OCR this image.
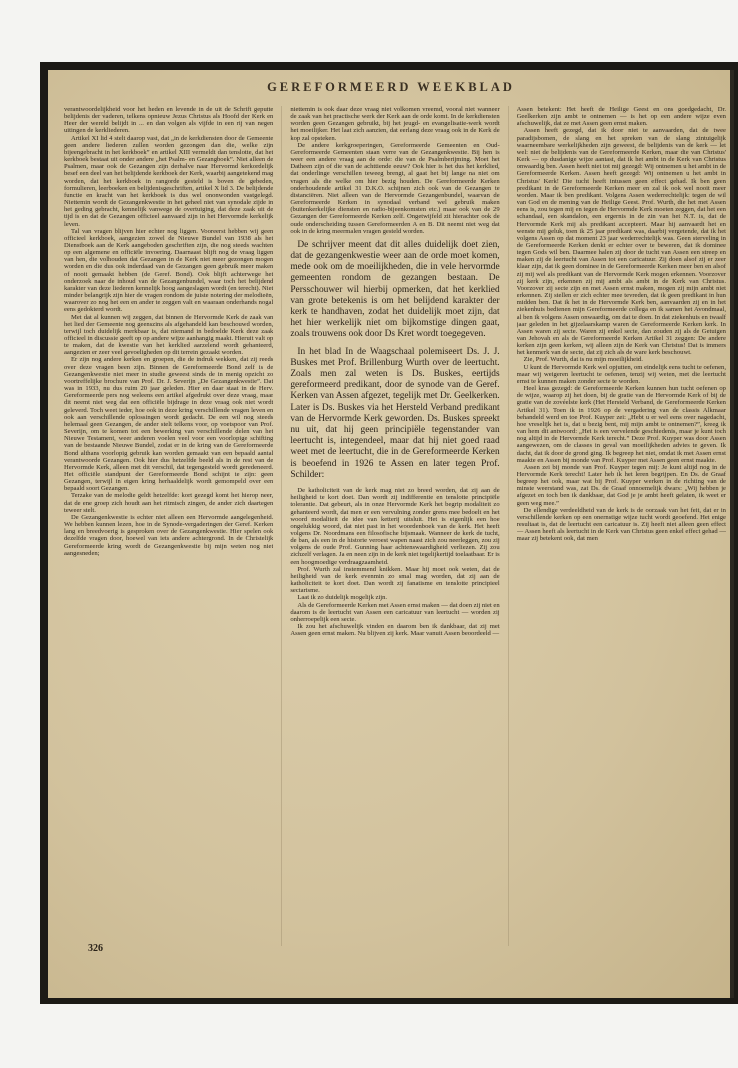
GEREFORMEERD WEEKBLAD

verantwoordelijkheid voor het heden en levende in de uit de Schrift geputte belijdenis der vaderen, telkens opnieuw Jezus Christus als Hoofd der Kerk en Heer der wereld belijdt in ... en dan volgen als vijfde in een rij van negen uitingen de kerkliederen.

Artikel XI lid 4 stelt daarop vast, dat „in de kerkdiensten door de Gemeente geen andere liederen zullen worden gezongen dan die, welke zijn bijeengebracht in het kerkboek” en artikel XIII vermeldt dan tenslotte, dat het kerkboek bestaat uit onder andere „het Psalm- en Gezangboek”. Niet alleen de Psalmen, maar ook de Gezangen zijn derhalve naar Hervormd kerkordelijk besef een deel van het belijdende kerkboek der Kerk, waarbij aangetekend mag worden, dat het kerkboek in rangorde gesteld is boven de gebeden, formulieren, leerboeken en belijdenisgeschriften, artikel X lid 3. De belijdende functie en kracht van het kerkboek is dus wel ononwonden vastgelegd. Niettemin wordt de Gezangenkwestie in het geheel niet van synodale zijde in het geding gebracht, kennelijk vanwege de overtuiging, dat deze zaak uit de tijd is en dat de Gezangen officieel aanvaard zijn in het Hervormde kerkelijk leven.

Tal van vragen blijven hier echter nog liggen. Vooreerst hebben wij geen officieel kerkboek, aangezien zowel de Nieuwe Bundel van 1938 als het Dienstboek aan de Kerk aangeboden geschriften zijn, die nog steeds wachten op een algemene en officiële invoering. Daarnaast blijft nog de vraag liggen van hen, die volhouden dat Gezangen in de Kerk niet meer gezongen mogen worden en die dus ook inderdaad van de Gezangen geen gebruik meer maken of nooit gemaakt hebben (de Geref. Bond). Ook blijft achterwege het onderzoek naar de inhoud van de Gezangenbundel, waar toch het belijdend karakter van deze liederen kennelijk hoog aangeslagen wordt (en terecht). Niet minder belangrijk zijn hier de vragen rondom de juiste notering der melodieën, waarover zo nog het een en ander te zeggen valt en waaraan onderhands nogal eens gedokterd wordt.

Met dat al kunnen wij zeggen, dat binnen de Hervormde Kerk de zaak van het lied der Gemeente nog geenszins als afgehandeld kan beschouwd worden, terwijl toch duidelijk merkbaar is, dat niemand in bedoelde Kerk deze zaak officieel in discussie geeft op op andere wijze aanhangig maakt. Hieruit valt op te maken, dat de kwestie van het kerklied aarzelend wordt gehanteerd, aangezien er zeer veel gevoeligheden op dit terrein gezaakt worden.

Er zijn nog andere kerken en groepen, die de indruk wekken, dat zij reeds over deze vragen been zijn. Binnen de Gereformeerde Bond zelf is de Gezangenkwestie niet meer in studie geweest sinds de in menig opzicht zo voortreffelijke brochure van Prof. Dr. J. Severijn „De Gezangenkwestie”. Dat was in 1933, nu dus ruim 20 jaar geleden. Hier en daar staat in de Herv. Gereformeerde pers nog weleens een artikel afgedrukt over deze vraag, maar dit neemt niet weg dat een officiële bijdrage in deze vraag ook niet wordt geleverd. Toch weet ieder, hoe ook in deze kring verschillende vragen leven en ook aan verschillende oplossingen wordt gedacht. De een wil nog steeds helemaal geen Gezangen, de ander stelt telkens voor, op voetspoor van Prof. Severijn, om te komen tot een bewerking van verschillende delen van het Nieuwe Testament, weer anderen voelen veel voor een voorlopige schifting van de bestaande Nieuwe Bundel, zodat er in de kring van de Gereformeerde Bond althans voorlopig gebruik kan worden gemaakt van een bepaald aantal verantwoorde Gezangen. Ook hier dus hetzelfde beeld als in de rest van de Hervormde Kerk, alleen met dit verschil, dat tegengesteld wordt geredeneerd. Het officiële standpunt der Gereformeerde Bond schijnt te zijn: geen Gezangen, terwijl in eigen kring herhaaldelijk wordt gemompeld over een bepaald soort Gezangen.

Terzake van de melodie geldt hetzelfde: kort gezegd komt het hierop neer, dat de ene groep zich houdt aan het ritmisch zingen, de ander zich daartegen teweer stelt.

De Gezangenkwestie is echter niet alleen een Hervormde aangelegenheid. We hebben kunnen lezen, hoe in de Synode-vergaderingen der Geref. Kerken lang en breedvoerig is gesproken over de Gezangenkwestie. Hier spelen ook dezelfde vragen door, hoewel van iets andere achtergrond. In de Christelijk Gereformeerde kring wordt de Gezangenkwestie bij mijn weten nog niet aangesneden;

niettemin is ook daar deze vraag niet volkomen vreemd, vooral niet wanneer de zaak van het practische werk der Kerk aan de orde komt. In de kerkdiensten worden geen Gezangen gebruikt, bij het jeugd- en evangelisatie-werk wordt het moeilijker. Het laat zich aanzien, dat eerlang deze vraag ook in de Kerk de kop zal opsteken.

De andere kerkgroeperingen, Gereformeerde Gemeenten en Oud-Gereformeerde Gemeenten staan verre van de Gezangenkwestie. Bij hen is weer een andere vraag aan de orde: die van de Psalmberijming. Moet het Datheen zijn of die van de achttiende eeuw? Ook hier is het dus het kerklied, dat onderlinge verschillen teweeg brengt, al gaat het bij lange na niet om vragen als die welke om hier bezig houden. De Gereformeerde Kerken onderhoudende artikel 31 D.K.O. schijnen zich ook van de Gezangen te distanciëren. Niet alleen van de Hervormde Gezangenbundel, waarvan de Gereformeerde Kerken in synodaal verband wel gebruik maken (buitenkerkelijke diensten en radio-bijeenkomsten etc.) maar ook van de 29 Gezangen der Gereformeerde Kerken zelf. Ongetwijfeld zit hierachter ook de oude onderscheiding tussen Gereformeerden A en B. Dit neemt niet weg dat ook in de kring meermalen vragen gesteld worden.

De schrijver meent dat dit alles duidelijk doet zien, dat de gezangenkwestie weer aan de orde moet komen, mede ook om de moeilijkheden, die in vele hervormde gemeenten rondom de gezangen bestaan. De Persschouwer wil hierbij opmerken, dat het kerklied van grote betekenis is om het belijdend karakter der kerk te handhaven, zodat het duidelijk moet zijn, dat het hier werkelijk niet om bijkomstige dingen gaat, zoals trouwens ook door Ds Kret wordt toegegeven.

In het blad In de Waagschaal polemiseert Ds. J. J. Buskes met Prof. Brillenburg Wurth over de leertucht. Zoals men zal weten is Ds. Buskes, eertijds gereformeerd predikant, door de synode van de Geref. Kerken van Assen afgezet, tegelijk met Dr. Geelkerken. Later is Ds. Buskes via het Hersteld Verband predikant van de Hervormde Kerk geworden. Ds. Buskes spreekt nu uit, dat hij geen principiële tegenstander van leertucht is, integendeel, maar dat hij niet goed raad weet met de leertucht, die in de Gereformeerde Kerken is beoefend in 1926 te Assen en later tegen Prof. Schilder:

De katholiciteit van de kerk mag niet zo breed worden, dat zij aan de heiligheid te kort doet. Dan wordt zij indifferentie en tenslotte principiële tolerantie. Dat gebeurt, als in onze Hervormde Kerk het begrip modaliteit zo gehanteerd wordt, dat men er een vervulning zonder grens mee bedoelt en het woord modaliteit de idee van ketterij uitsluit. Het is eigenlijk een hoe ongelukkig woord, dat niet past in het woordenboek van de kerk. Het heeft volgens Dr. Noordmans een filosofische bijsmaak. Wanneer de kerk de tucht, de ban, als een in de historie veroest wapen naast zich zou neerleggen, zou zij volgens de oude Prof. Gunning haar achtenswaardigheid verliezen. Zij zou zichzelf verlagen. Ja en neen zijn in de kerk niet tegelijkertijd toelaatbaar. Er is een hoogmoedige verdraagzaamheid.

Prof. Wurth zal instemmend knikken. Maar hij moet ook weten, dat de heiligheid van de kerk evenmin zo smal mag worden, dat zij aan de katholiciteit te kort doet. Dan wordt zij fanatisme en tenslotte principieel sectarisme.

Laat ik zo duidelijk mogelijk zijn.

Als de Gereformeerde Kerken met Assen ernst maken — dat doen zij niet en daarom is de leertucht van Assen een caricatuur van leertucht — worden zij onherroepelijk een secte.

Ik zou het afschuwelijk vinden en daarom ben ik dankbaar, dat zij met Assen geen ernst maken. Nu blijven zij kerk. Maar vanuit Assen beoordeeld —

Assen betekent: Het heeft de Heilige Geest en ons goedgedacht, Dr. Geelkerken zijn ambt te ontnemen — is het op een andere wijze even afschuwelijk, dat ze met Assen geen ernst maken.

Assen heeft gezegd, dat ik door niet te aanvaarden, dat de twee paradijsbomen, de slang en het spreken van de slang zintuigelijk waarneembare werkelijkheden zijn geweest, de belijdenis van de kerk — let wel: niet de belijdenis van de Gereformeerde Kerken, maar die van Christus' Kerk — op dusdanige wijze aantast, dat ik het ambt in de Kerk van Christus onwaardig ben. Assen heeft niet tot mij gezegd: Wij ontnemen u het ambt in de Gereformeerde Kerken. Assen heeft gezegd: Wij ontnemen u het ambt in Christus' Kerk! Die tucht heeft intussen geen effect gehad. Ik ben geen predikant in de Gereformeerde Kerken meer en zal ik ook wel nooit meer worden. Maar ik ben predikant. Volgens Assen wederrechtelijk: tegen de wil van God en de mening van de Heilige Geest. Prof. Wurth, die het met Assen eens is, zou tegen mij en tegen de Hervormde Kerk moeten zeggen, dat het een schandaal, een skandalon, een ergernis in de zin van het N.T. is, dat de Hervormde Kerk mij als predikant accepteert. Maar hij aanvaardt het en wenste mij geluk, toen ik 25 jaar predikant was, daarbij vergetende, dat ik het volgens Assen op dat moment 23 jaar wederrechtelijk was. Geen sterveling in de Gereformeerde Kerken denkt er echter over te beweren, dat ik dominee tegen Gods wil ben. Daarmee halen zij door de tucht van Assen een streep en maken zij de leertucht van Assen tot een caricatuur. Zij doen alsof zij er zeer klaar zijn, dat ik geen dominee in de Gereformeerde Kerken meer ben en alsof zij mij wel als predikant van de Hervormde Kerk mogen erkennen. Voorzover zij kerk zijn, erkennen zij mij ambt als ambt in de Kerk van Christus. Voorzover zij secte zijn en met Assen ernst maken, mogen zij mijn ambt niet erkennen. Zij stellen er zich echter mee tevreden, dat ik geen predikant in hun midden ben. Dat ik het in de Hervormde Kerk ben, aanvaarden zij en in het ziekenhuis bedienen mijn Gereformeerde collega en ik samen het Avondmaal, al ben ik volgens Assen onwaardig, om dat te doen. In dat ziekenhuis en twaalf jaar geleden in het gijzelaarskamp waren de Gereformeerde Kerken kerk. In Assen waren zij secte. Waren zij enkel secte, dan zouden zij als de Getuigen van Jehovah en als de Gereformeerde Kerken Artikel 31 zeggen: De andere kerken zijn geen kerken, wij alleen zijn de Kerk van Christus! Dat is immers het kenmerk van de secte, dat zij zich als de ware kerk beschouwt.

Zie, Prof. Wurth, dat is nu mijn moeilijkheid.

U kunt de Hervormde Kerk wel opjutten, om eindelijk eens tucht te oefenen, maar wij weigeren leertucht te oefenen, tenzij wij weten, met die leertucht ernst te kunnen maken zonder secte te worden.

Heel kras gezegd: de Gereformeerde Kerken kunnen hun tucht oefenen op de wijze, waarop zij het doen, bij de gratie van de Hervormde Kerk of bij de gratie van de zovéelste kerk (Het Hersteld Verband, de Gereformeerde Kerken Artikel 31). Toen ik in 1926 op de vergadering van de classis Alkmaar behandeld werd en toe Prof. Kuyper zei: „Hebt u er wel eens over nagedacht, hoe vreselijk het is, dat u bezig bent, mij mijn ambt te ontnemen?”, kreeg ik van hem dit antwoord: „Het is een vervelende geschiedenis, maar je kunt toch nog altijd in de Hervormde Kerk terecht.” Deze Prof. Kuyper was door Assen aangewezen, om de classes in geval van moeilijkheden advies te geven. Ik dacht, dat ik door de grond ging. Ik begreep het niet, omdat ik met Assen ernst maakte en Assen bij monde van Prof. Kuyper met Assen geen ernst maakte.

Assen zei bij monde van Prof. Kuyper tegen mij: Je kunt altijd nog in de Hervormde Kerk terecht! Later heb ik het leren begrijpen. En Ds. de Graaf begreep het ook, maar wat bij Prof. Kuyper werken in de richting van de minste weerstand was, zat Ds. de Graaf onnoemelijk dwars: „Wij hebben je afgezet en toch ben ik dankbaar, dat God je je ambt heeft gelaten, ik weet er geen weg mee.”

De ellendige verdeeldheid van de kerk is de oorzaak van het feit, dat er in verschillende kerken op een onernstige wijze tucht wordt geoefend. Het enige resultaat is, dat de leertucht een caricatuur is. Zij heeft niet alleen geen effect — Assen heeft als leertucht in de Kerk van Christus geen enkel effect gehad — maar zij betekent ook, dat men

326
